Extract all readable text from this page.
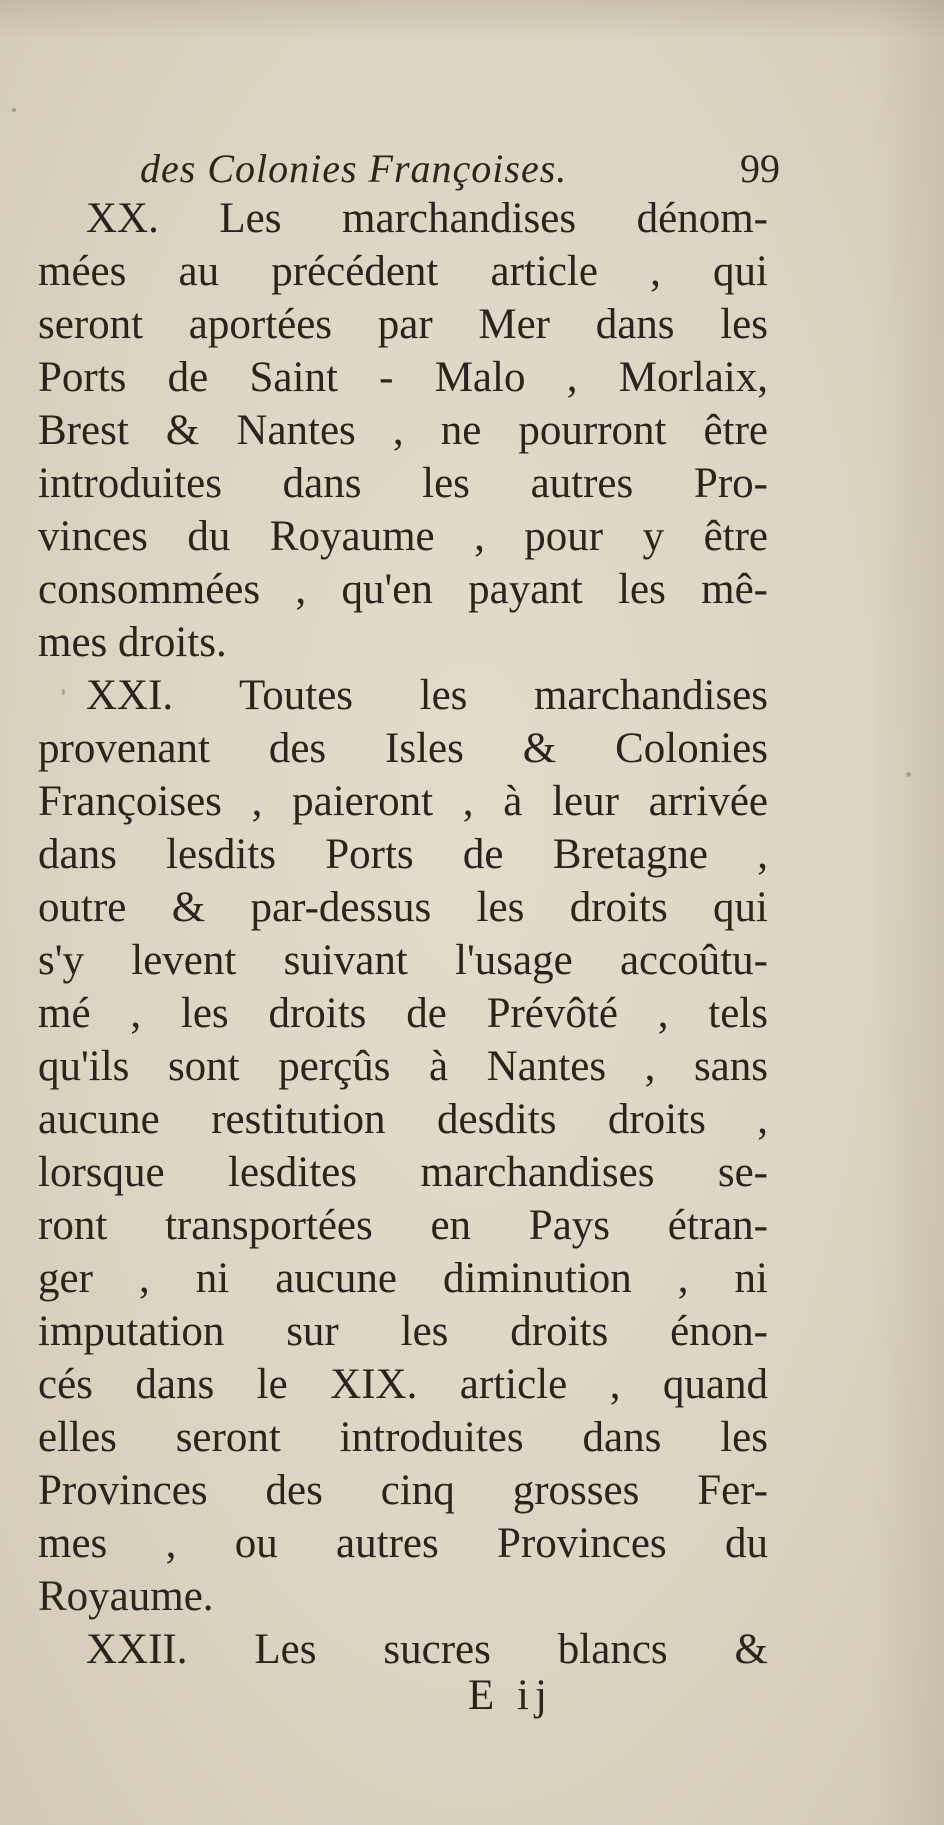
des Colonies Françoises.	99
XX. Les marchandises dénom-
mées au précédent article , qui
seront aportées par Mer dans les
Ports de Saint - Malo , Morlaix,
Brest & Nantes , ne pourront être
introduites dans les autres Pro-
vinces du Royaume , pour y être
consommées , qu'en payant les mê-
mes droits.
XXI. Toutes les marchandises
provenant des Isles & Colonies
Françoises , paieront , à leur arrivée
dans lesdits Ports de Bretagne ,
outre & par-dessus les droits qui
s'y levent suivant l'usage accoûtu-
mé , les droits de Prévôté , tels
qu'ils sont perçûs à Nantes , sans
aucune restitution desdits droits ,
lorsque lesdites marchandises se-
ront transportées en Pays étran-
ger , ni aucune diminution , ni
imputation sur les droits énon-
cés dans le XIX. article , quand
elles seront introduites dans les
Provinces des cinq grosses Fer-
mes , ou autres Provinces du
Royaume.
XXII. Les sucres blancs &
E ij
